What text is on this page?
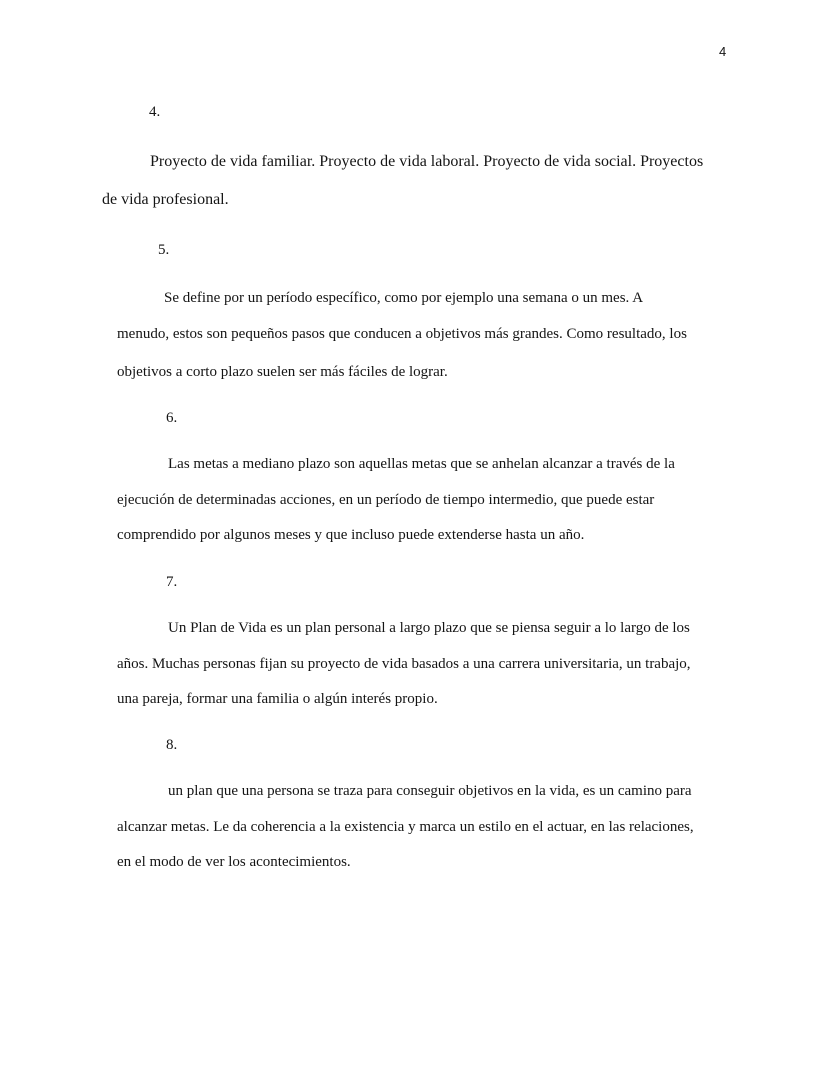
4
4.
Proyecto de vida familiar. Proyecto de vida laboral. Proyecto de vida social. Proyectos
de vida profesional.
5.
Se define por un período específico, como por ejemplo una semana o un mes. A
menudo, estos son pequeños pasos que conducen a objetivos más grandes. Como resultado, los
objetivos a corto plazo suelen ser más fáciles de lograr.
6.
Las metas a mediano plazo son aquellas metas que se anhelan alcanzar a través de la
ejecución de determinadas acciones, en un período de tiempo intermedio, que puede estar
comprendido por algunos meses y que incluso puede extenderse hasta un año.
7.
Un Plan de Vida es un plan personal a largo plazo que se piensa seguir a lo largo de los
años. Muchas personas fijan su proyecto de vida basados a una carrera universitaria, un trabajo,
una pareja, formar una familia o algún interés propio.
8.
un plan que una persona se traza para conseguir objetivos en la vida, es un camino para
alcanzar metas. Le da coherencia a la existencia y marca un estilo en el actuar, en las relaciones,
en el modo de ver los acontecimientos.
